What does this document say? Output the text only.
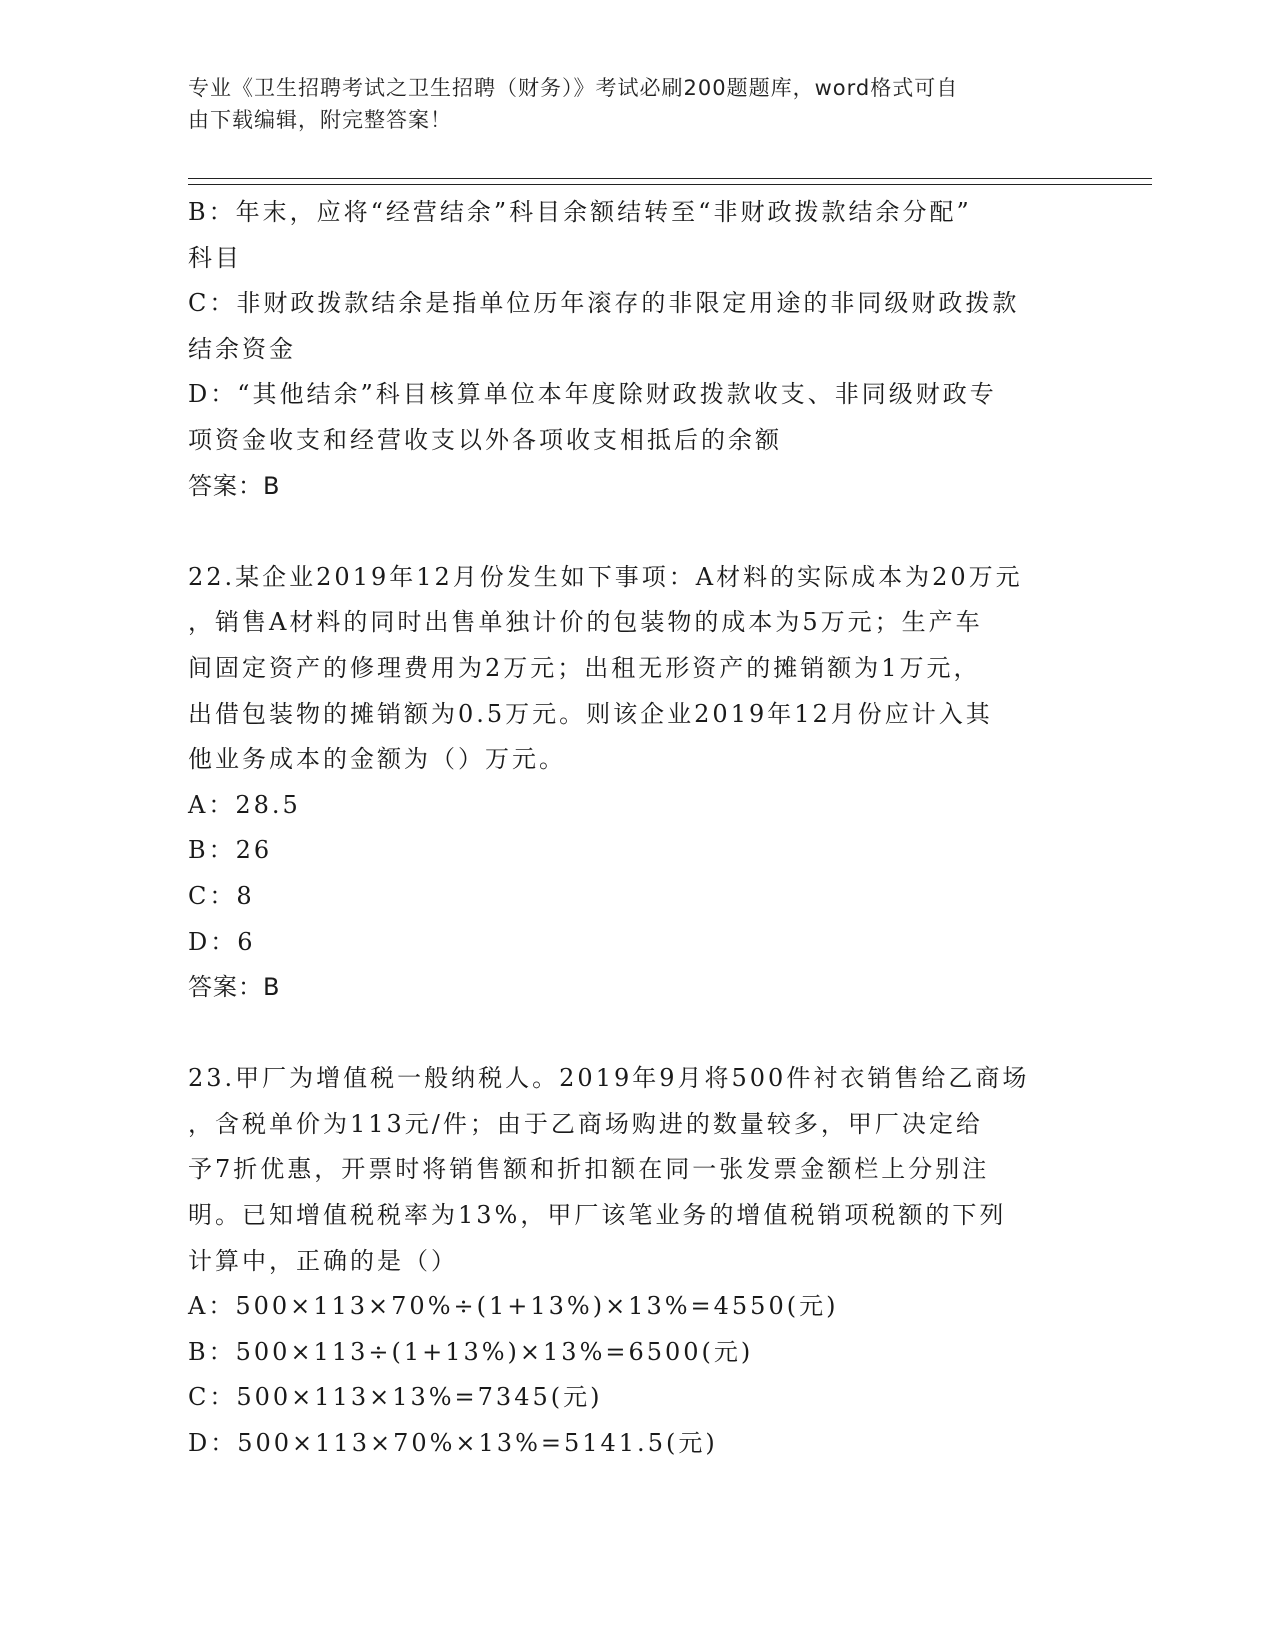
专业《卫生招聘考试之卫生招聘（财务）》考试必刷200题题库，word格式可自
由下载编辑，附完整答案！
B：年末，应将“经营结余”科目余额结转至“非财政拨款结余分配”
科目
C：非财政拨款结余是指单位历年滚存的非限定用途的非同级财政拨款
结余资金
D：“其他结余”科目核算单位本年度除财政拨款收支、非同级财政专
项资金收支和经营收支以外各项收支相抵后的余额
答案：B
22.某企业2019年12月份发生如下事项：A材料的实际成本为20万元
，销售A材料的同时出售单独计价的包装物的成本为5万元；生产车
间固定资产的修理费用为2万元；出租无形资产的摊销额为1万元，
出借包装物的摊销额为0.5万元。则该企业2019年12月份应计入其
他业务成本的金额为（）万元。
A：28.5
B：26
C：8
D：6
答案：B
23.甲厂为增值税一般纳税人。2019年9月将500件衬衣销售给乙商场
，含税单价为113元/件；由于乙商场购进的数量较多，甲厂决定给
予7折优惠，开票时将销售额和折扣额在同一张发票金额栏上分别注
明。已知增值税税率为13%，甲厂该笔业务的增值税销项税额的下列
计算中，正确的是（）
A：500×113×70%÷(1+13%)×13%=4550(元)
B：500×113÷(1+13%)×13%=6500(元)
C：500×113×13%=7345(元)
D：500×113×70%×13%=5141.5(元)
